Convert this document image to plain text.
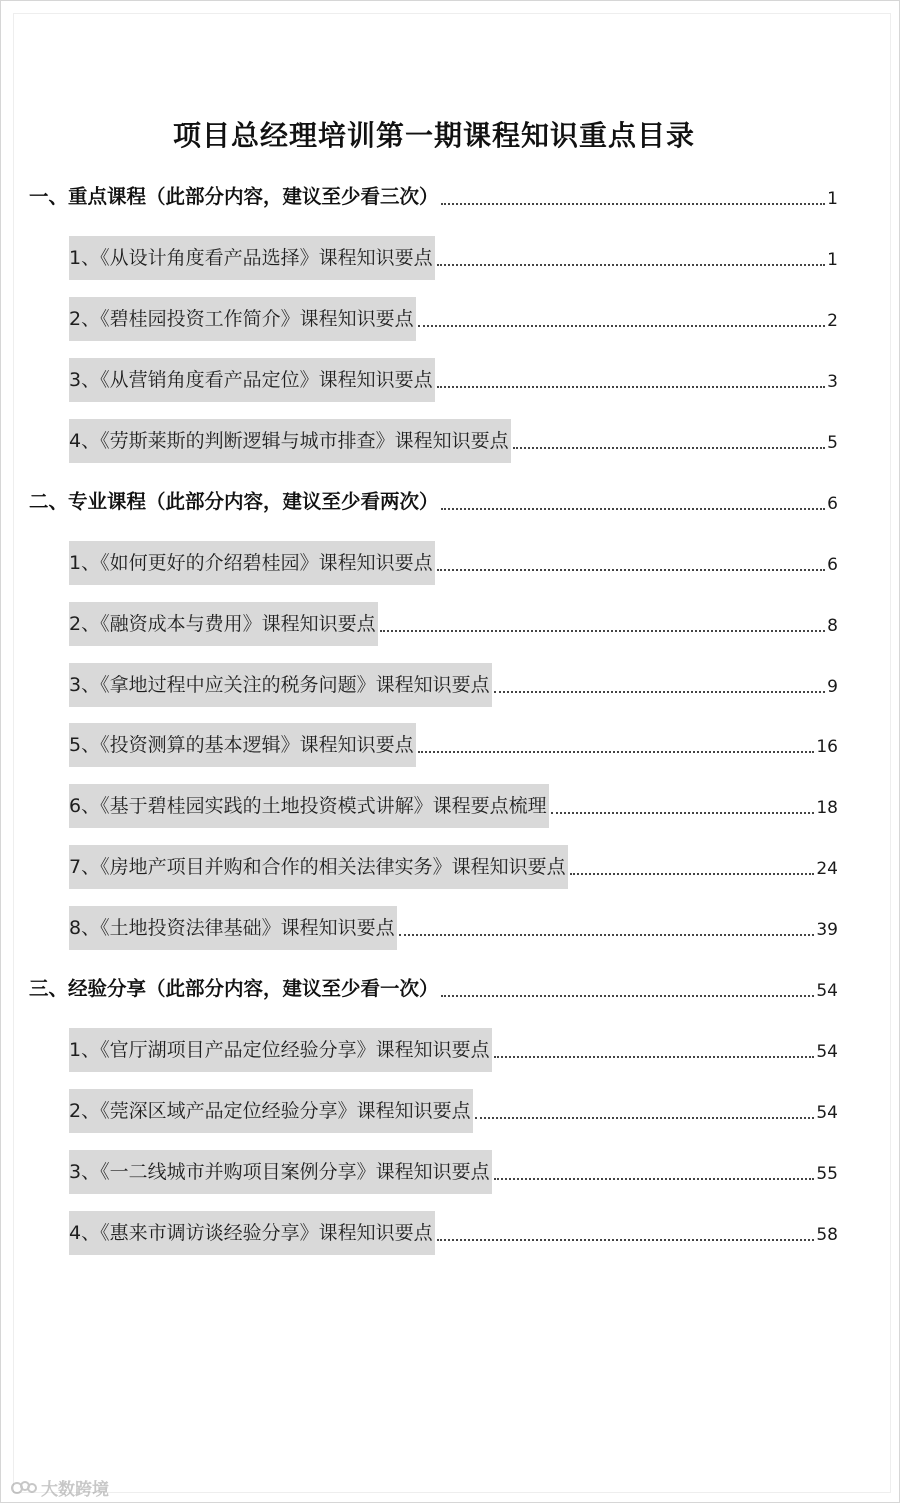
项目总经理培训第一期课程知识重点目录
一、重点课程（此部分内容，建议至少看三次）	1
1、《从设计角度看产品选择》课程知识要点	1
2、《碧桂园投资工作简介》课程知识要点	2
3、《从营销角度看产品定位》课程知识要点	3
4、《劳斯莱斯的判断逻辑与城市排查》课程知识要点	5
二、专业课程（此部分内容，建议至少看两次）	6
1、《如何更好的介绍碧桂园》课程知识要点	6
2、《融资成本与费用》课程知识要点	8
3、《拿地过程中应关注的税务问题》课程知识要点	9
5、《投资测算的基本逻辑》课程知识要点	16
6、《基于碧桂园实践的土地投资模式讲解》课程要点梳理	18
7、《房地产项目并购和合作的相关法律实务》课程知识要点	24
8、《土地投资法律基础》课程知识要点	39
三、经验分享（此部分内容，建议至少看一次）	54
1、《官厅湖项目产品定位经验分享》课程知识要点	54
2、《莞深区域产品定位经验分享》课程知识要点	54
3、《一二线城市并购项目案例分享》课程知识要点	55
4、《惠来市调访谈经验分享》课程知识要点	58
大数跨境
